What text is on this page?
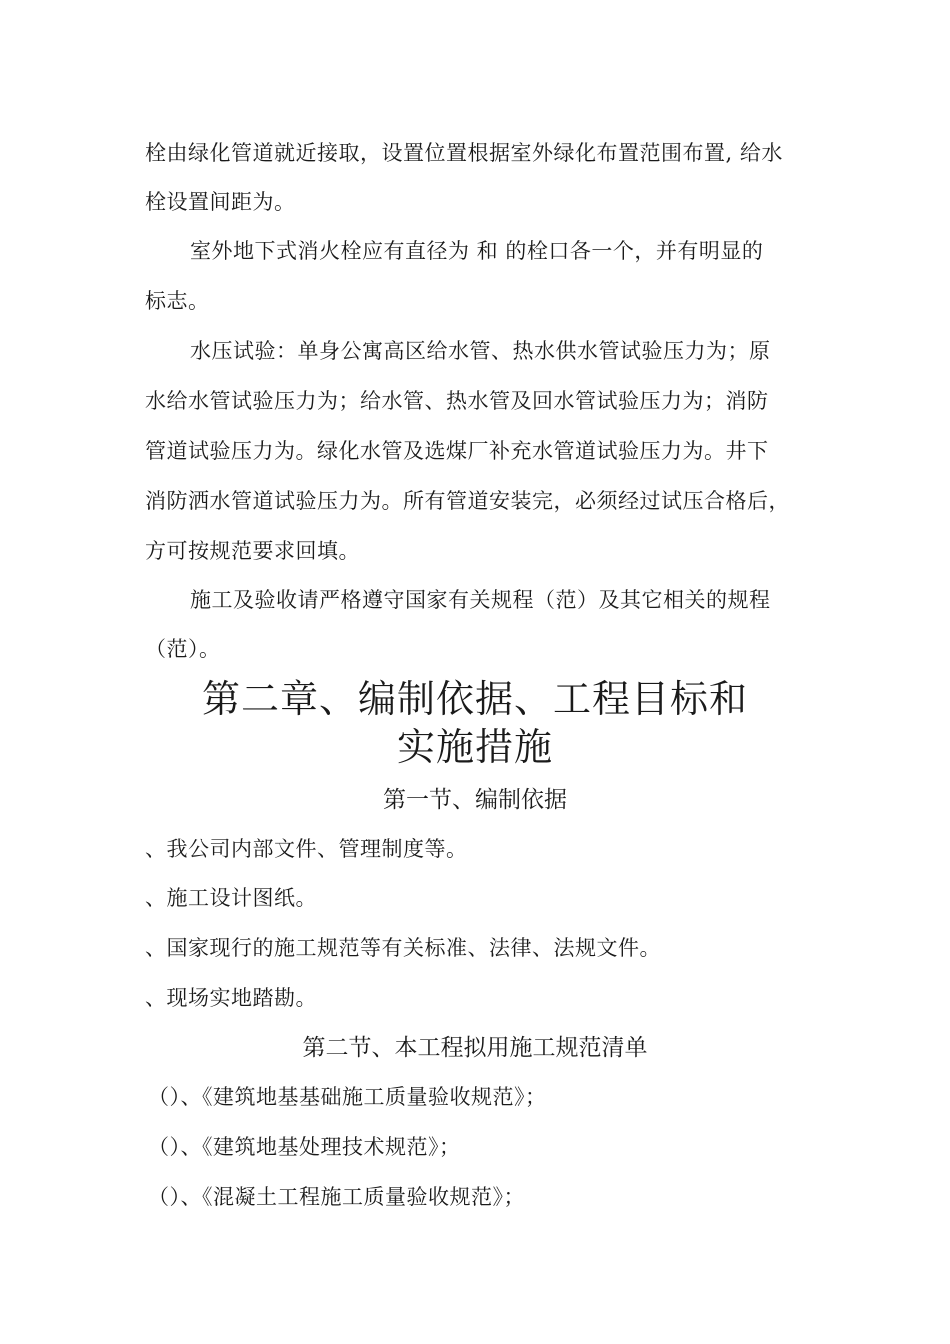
栓由绿化管道就近接取，设置位置根据室外绿化布置范围布置, 给水
栓设置间距为。
室外地下式消火栓应有直径为 和 的栓口各一个，并有明显的
标志。
水压试验：单身公寓高区给水管、热水供水管试验压力为；原
水给水管试验压力为；给水管、热水管及回水管试验压力为；消防
管道试验压力为。绿化水管及选煤厂补充水管道试验压力为。井下
消防洒水管道试验压力为。所有管道安装完，必须经过试压合格后，
方可按规范要求回填。
施工及验收请严格遵守国家有关规程（范）及其它相关的规程
（范）。
第二章、编制依据、工程目标和
实施措施
第一节、编制依据
、我公司内部文件、管理制度等。
、施工设计图纸。
、国家现行的施工规范等有关标准、法律、法规文件。
、现场实地踏勘。
第二节、本工程拟用施工规范清单
（）、《建筑地基基础施工质量验收规范》；
（）、《建筑地基处理技术规范》；
（）、《混凝土工程施工质量验收规范》；
